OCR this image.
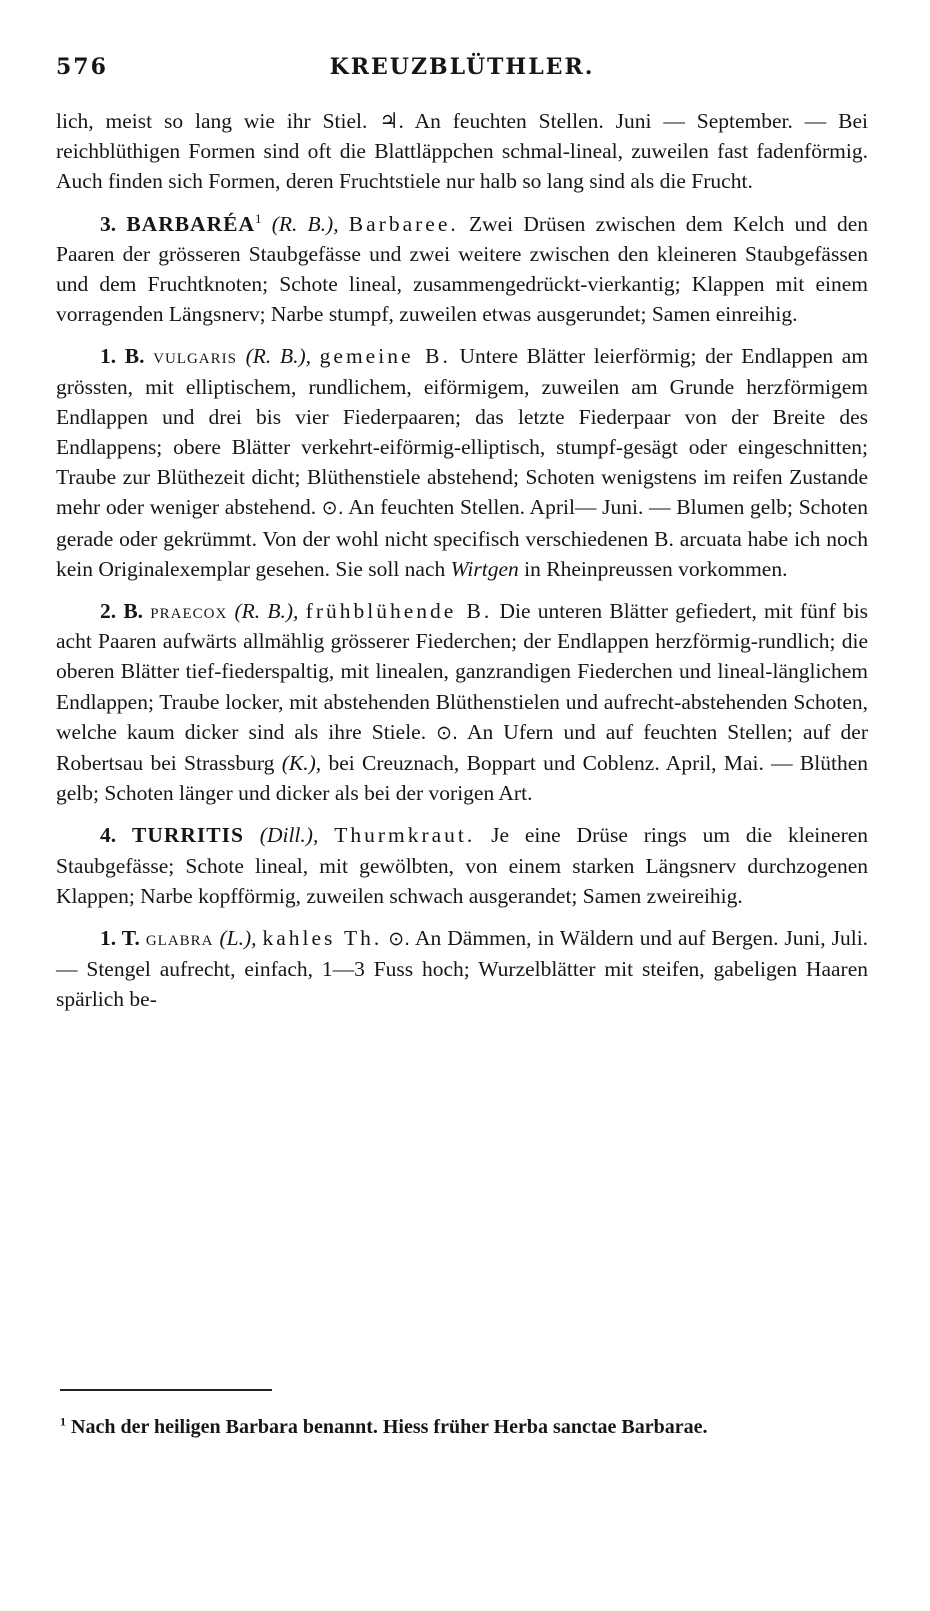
576	KREUZBLÜTHLER.

lich, meist so lang wie ihr Stiel. ♃. An feuchten Stellen. Juni — September. — Bei reichblüthigen Formen sind oft die Blattläppchen schmal-lineal, zuweilen fast fadenförmig. Auch finden sich Formen, deren Fruchtstiele nur halb so lang sind als die Frucht.

3. BARBARÉA$^1$ (R. B.), Barbaree. Zwei Drüsen zwischen dem Kelch und den Paaren der grösseren Staubgefässe und zwei weitere zwischen den kleineren Staubgefässen und dem Fruchtknoten; Schote lineal, zusammengedrückt-vierkantig; Klappen mit einem vorragenden Längsnerv; Narbe stumpf, zuweilen etwas ausgerundet; Samen einreihig.

1. B. vulgaris (R. B.), gemeine B. Untere Blätter leierförmig; der Endlappen am grössten, mit elliptischem, rundlichem, eiförmigem, zuweilen am Grunde herzförmigem Endlappen und drei bis vier Fiederpaaren; das letzte Fiederpaar von der Breite des Endlappens; obere Blätter verkehrt-eiförmig-elliptisch, stumpf-gesägt oder eingeschnitten; Traube zur Blüthezeit dicht; Blüthenstiele abstehend; Schoten wenigstens im reifen Zustande mehr oder weniger abstehend. ⊙. An feuchten Stellen. April— Juni. — Blumen gelb; Schoten gerade oder gekrümmt. Von der wohl nicht specifisch verschiedenen B. arcuata habe ich noch kein Originalexemplar gesehen. Sie soll nach Wirtgen in Rheinpreussen vorkommen.

2. B. praecox (R. B.), frühblühende B. Die unteren Blätter gefiedert, mit fünf bis acht Paaren aufwärts allmählig grösserer Fiederchen; der Endlappen herzförmig-rundlich; die oberen Blätter tief-fiederspaltig, mit linealen, ganzrandigen Fiederchen und lineal-länglichem Endlappen; Traube locker, mit abstehenden Blüthenstielen und aufrecht-abstehenden Schoten, welche kaum dicker sind als ihre Stiele. ⊙. An Ufern und auf feuchten Stellen; auf der Robertsau bei Strassburg (K.), bei Creuznach, Boppart und Coblenz. April, Mai. — Blüthen gelb; Schoten länger und dicker als bei der vorigen Art.

4. TURRITIS (Dill.), Thurmkraut. Je eine Drüse rings um die kleineren Staubgefässe; Schote lineal, mit gewölbten, von einem starken Längsnerv durchzogenen Klappen; Narbe kopfförmig, zuweilen schwach ausgerandet; Samen zweireihig.

1. T. glabra (L.), kahles Th. ⊙. An Dämmen, in Wäldern und auf Bergen. Juni, Juli. — Stengel aufrecht, einfach, 1—3 Fuss hoch; Wurzelblätter mit steifen, gabeligen Haaren spärlich be-

$^1$ Nach der heiligen Barbara benannt. Hiess früher Herba sanctae Barbarae.
